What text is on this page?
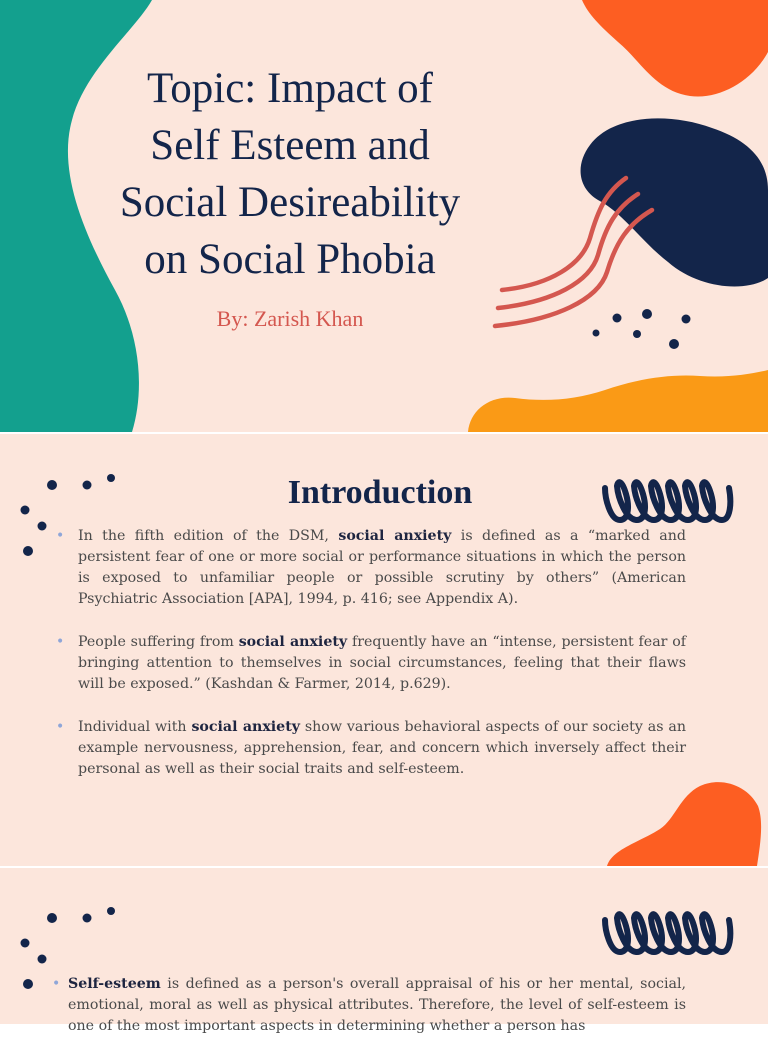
Topic: Impact of
Self Esteem and
Social Desireability
on Social Phobia
By: Zarish Khan
Introduction
• In the fifth edition of the DSM, social anxiety is defined as a “marked and persistent fear of one or more social or performance situations in which the person is exposed to unfamiliar people or possible scrutiny by others” (American Psychiatric Association [APA], 1994, p. 416; see Appendix A).
• People suffering from social anxiety frequently have an “intense, persistent fear of bringing attention to themselves in social circumstances, feeling that their flaws will be exposed.” (Kashdan & Farmer, 2014, p.629).
• Individual with social anxiety show various behavioral aspects of our society as an example nervousness, apprehension, fear, and concern which inversely affect their personal as well as their social traits and self-esteem.
• Self-esteem is defined as a person's overall appraisal of his or her mental, social, emotional, moral as well as physical attributes. Therefore, the level of self-esteem is one of the most important aspects in determining whether a person has
